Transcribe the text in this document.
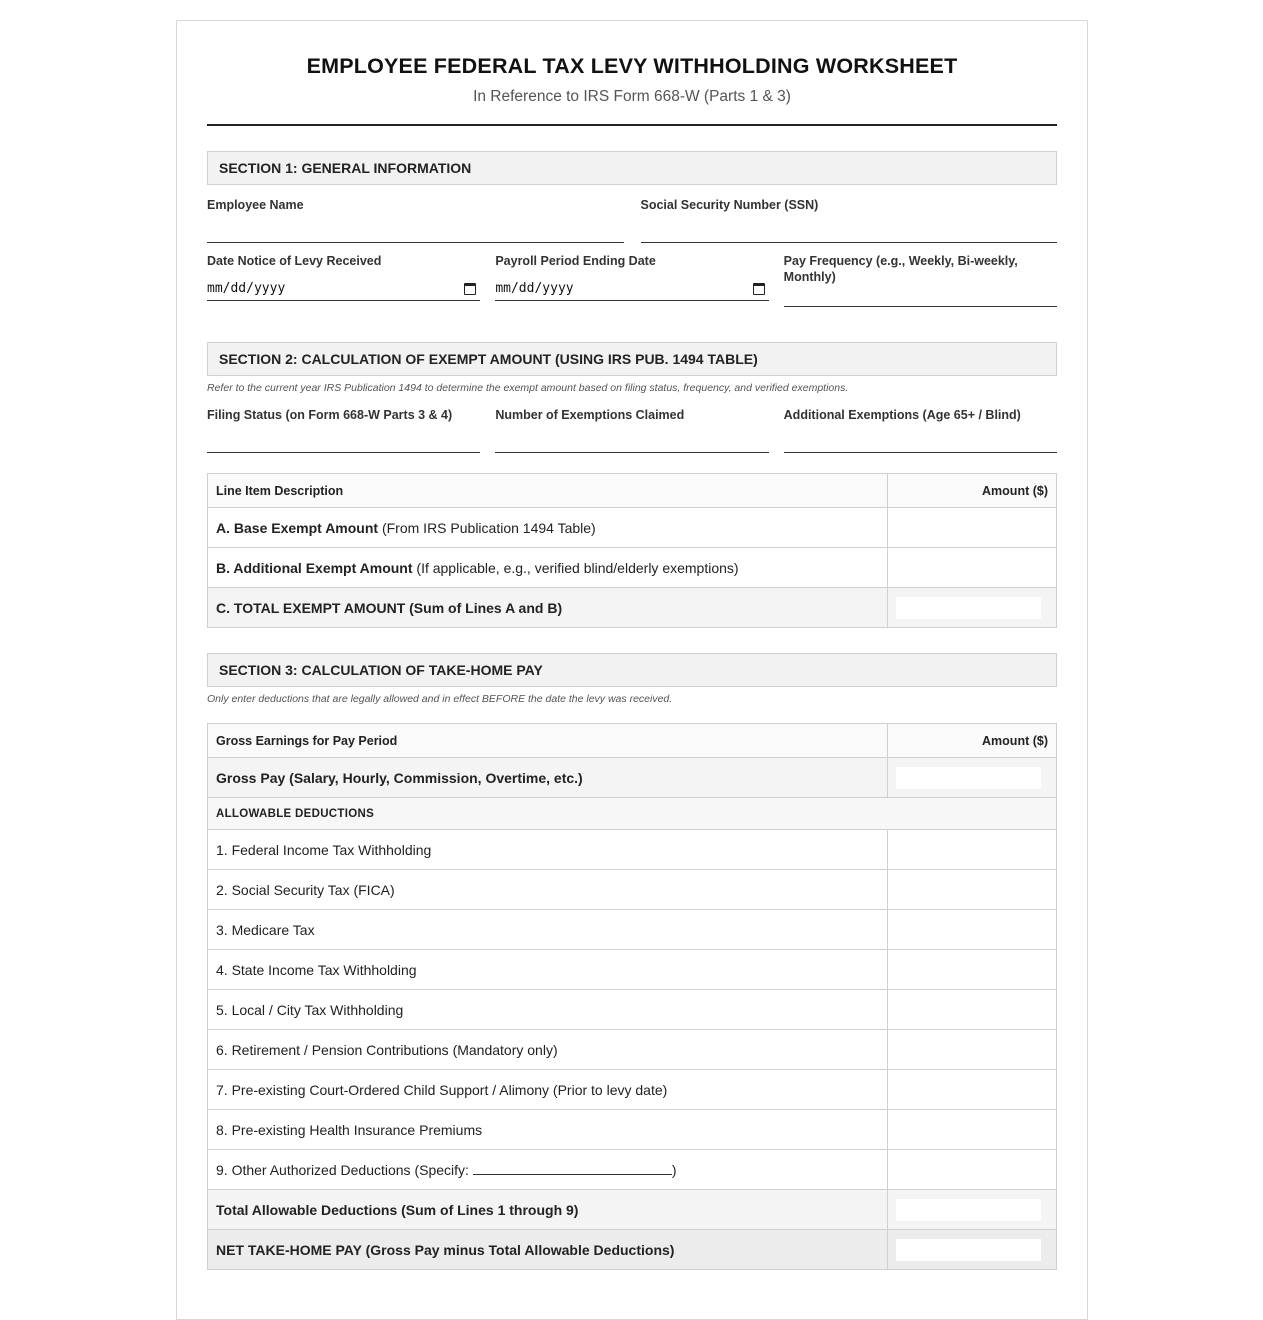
EMPLOYEE FEDERAL TAX LEVY WITHHOLDING WORKSHEET
In Reference to IRS Form 668-W (Parts 1 & 3)
SECTION 1: GENERAL INFORMATION
Employee Name	Social Security Number (SSN)
Date Notice of Levy Received
mm/dd/yyyy
Payroll Period Ending Date
mm/dd/yyyy
Pay Frequency (e.g., Weekly, Bi-weekly, Monthly)
SECTION 2: CALCULATION OF EXEMPT AMOUNT (USING IRS PUB. 1494 TABLE)
Refer to the current year IRS Publication 1494 to determine the exempt amount based on filing status, frequency, and verified exemptions.
Filing Status (on Form 668-W Parts 3 & 4)	Number of Exemptions Claimed	Additional Exemptions (Age 65+ / Blind)
Line Item Description	Amount ($)
A. Base Exempt Amount (From IRS Publication 1494 Table)	
B. Additional Exempt Amount (If applicable, e.g., verified blind/elderly exemptions)	
C. TOTAL EXEMPT AMOUNT (Sum of Lines A and B)	
SECTION 3: CALCULATION OF TAKE-HOME PAY
Only enter deductions that are legally allowed and in effect BEFORE the date the levy was received.
Gross Earnings for Pay Period	Amount ($)
Gross Pay (Salary, Hourly, Commission, Overtime, etc.)	

ALLOWABLE DEDUCTIONS	
1. Federal Income Tax Withholding	
2. Social Security Tax (FICA)	
3. Medicare Tax	
4. State Income Tax Withholding	
5. Local / City Tax Withholding	
6. Retirement / Pension Contributions (Mandatory only)	
7. Pre-existing Court-Ordered Child Support / Alimony (Prior to levy date)	
8. Pre-existing Health Insurance Premiums	
9. Other Authorized Deductions (Specify: )	
Total Allowable Deductions (Sum of Lines 1 through 9)	

NET TAKE-HOME PAY (Gross Pay minus Total Allowable Deductions)	
